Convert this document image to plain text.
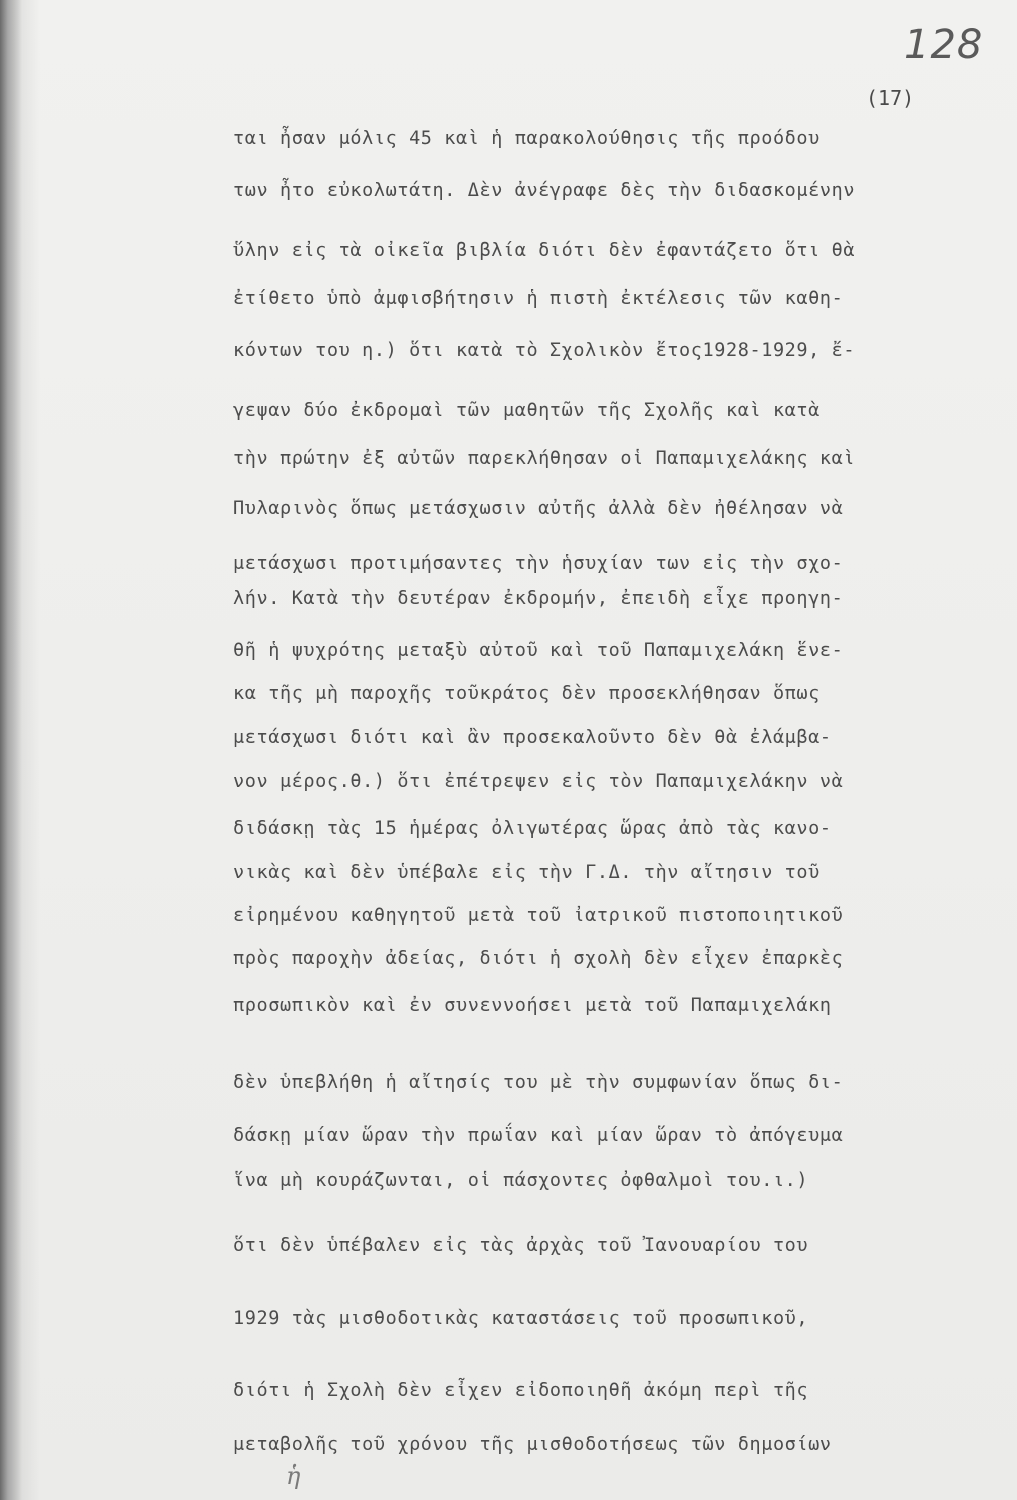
128
(17)
ται ἦσαν μόλις 45 καὶ ἡ παρακολούθησις τῆς προόδου
των ἦτο εὐκολωτάτη. Δὲν ἀνέγραφε δὲς τὴν διδασκομένην
ὕλην εἰς τὰ οἰκεῖα βιβλία διότι δὲν ἐφαντάζετο ὅτι θὰ
ἐτίθετο ὑπὸ ἀμφισβήτησιν ἡ πιστὴ ἐκτέλεσις τῶν καθη-
κόντων του η.) ὅτι κατὰ τὸ Σχολικὸν ἔτος1928-1929, ἔ-
γεψαν δύο ἐκδρομαὶ τῶν μαθητῶν τῆς Σχολῆς καὶ κατὰ
τὴν πρώτην ἐξ αὐτῶν παρεκλήθησαν οἱ Παπαμιχελάκης καὶ
Πυλαρινὸς ὅπως μετάσχωσιν αὐτῆς ἀλλὰ δὲν ἠθέλησαν νὰ
μετάσχωσι προτιμήσαντες τὴν ἡσυχίαν των εἰς τὴν σχο-
λήν. Κατὰ τὴν δευτέραν ἐκδρομήν, ἐπειδὴ εἶχε προηγη-
θῆ ἡ ψυχρότης μεταξὺ αὐτοῦ καὶ τοῦ Παπαμιχελάκη ἕνε-
κα τῆς μὴ παροχῆς τοῦκράτος δὲν προσεκλήθησαν ὅπως
μετάσχωσι διότι καὶ ἂν προσεκαλοῦντο δὲν θὰ ἐλάμβα-
νον μέρος.θ.) ὅτι ἐπέτρεψεν εἰς τὸν Παπαμιχελάκην νὰ
διδάσκῃ τὰς 15 ἡμέρας ὀλιγωτέρας ὥρας ἀπὸ τὰς κανο-
νικὰς καὶ δὲν ὑπέβαλε εἰς τὴν Γ.Δ. τὴν αἴτησιν τοῦ
εἰρημένου καθηγητοῦ μετὰ τοῦ ἰατρικοῦ πιστοποιητικοῦ
πρὸς παροχὴν ἀδείας, διότι ἡ σχολὴ δὲν εἶχεν ἐπαρκὲς
προσωπικὸν καὶ ἐν συνεννοήσει μετὰ τοῦ Παπαμιχελάκη
δὲν ὑπεβλήθη ἡ αἴτησίς του μὲ τὴν συμφωνίαν ὅπως δι-
δάσκῃ μίαν ὥραν τὴν πρωΐαν καὶ μίαν ὥραν τὸ ἀπόγευμα
ἵνα μὴ κουράζωνται, οἱ πάσχοντες ὀφθαλμοὶ του.ι.)
ὅτι δὲν ὑπέβαλεν εἰς τὰς ἀρχὰς τοῦ Ἰανουαρίου του
1929 τὰς μισθοδοτικὰς καταστάσεις τοῦ προσωπικοῦ,
διότι ἡ Σχολὴ δὲν εἶχεν εἰδοποιηθῆ ἀκόμη περὶ τῆς
μεταβολῆς τοῦ χρόνου τῆς μισθοδοτήσεως τῶν δημοσίων
ἡ
